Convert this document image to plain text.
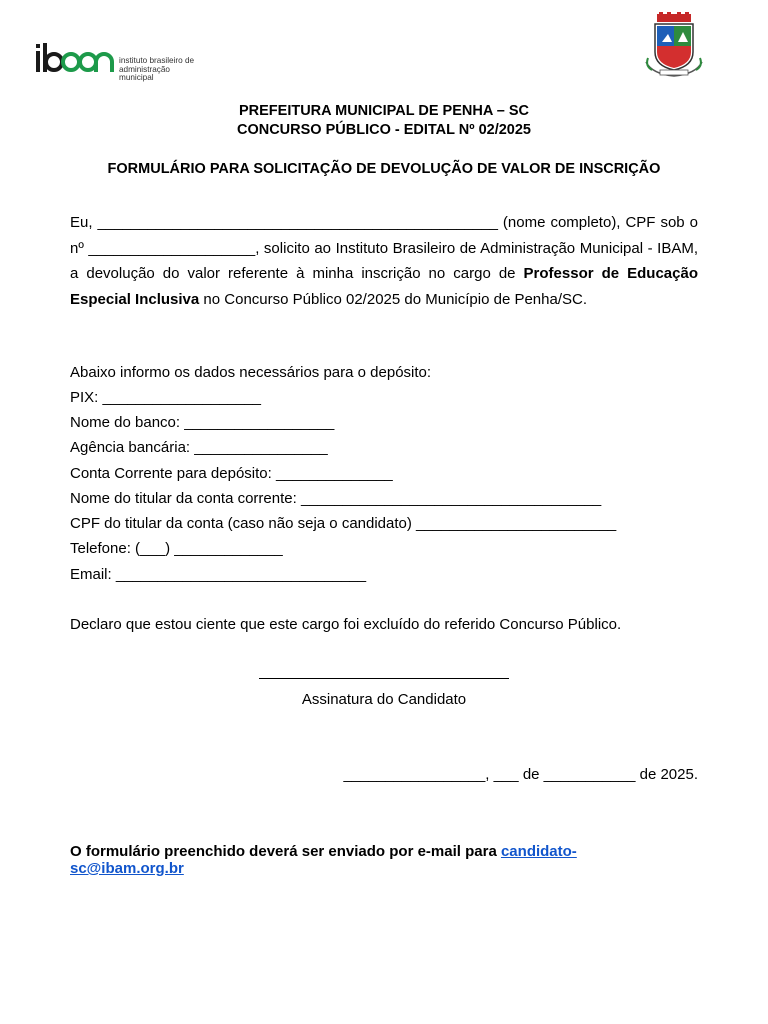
instituto brasileiro de
administração municipal
PREFEITURA MUNICIPAL DE PENHA – SC
CONCURSO PÚBLICO - EDITAL Nº 02/2025
FORMULÁRIO PARA SOLICITAÇÃO DE DEVOLUÇÃO DE VALOR DE INSCRIÇÃO
Eu, ________________________________________________ (nome completo), CPF sob o nº ____________________, solicito ao Instituto Brasileiro de Administração Municipal - IBAM, a devolução do valor referente à minha inscrição no cargo de Professor de Educação Especial Inclusiva no Concurso Público 02/2025 do Município de Penha/SC.
Abaixo informo os dados necessários para o depósito:
PIX: ___________________
Nome do banco: __________________
Agência bancária: ________________
Conta Corrente para depósito: ______________
Nome do titular da conta corrente: ____________________________________
CPF do titular da conta (caso não seja o candidato) ________________________
Telefone: (___) _____________
Email: ______________________________
Declaro que estou ciente que este cargo foi excluído do referido Concurso Público.
Assinatura do Candidato
_________________, ___ de ___________ de 2025.
O formulário preenchido deverá ser enviado por e-mail para candidato-sc@ibam.org.br
